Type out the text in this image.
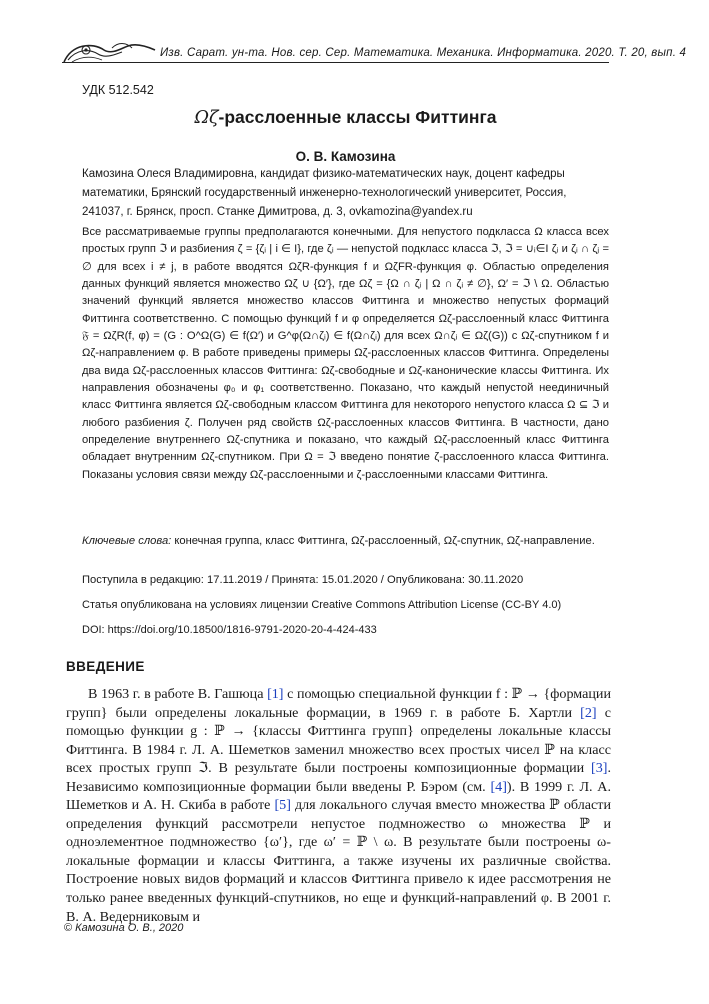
Изв. Сарат. ун-та. Нов. сер. Сер. Математика. Механика. Информатика. 2020. Т. 20, вып. 4
УДК 512.542
Ωζ-расслоенные классы Фиттинга
О. В. Камозина
Камозина Олеся Владимировна, кандидат физико-математических наук, доцент кафедры математики, Брянский государственный инженерно-технологический университет, Россия, 241037, г. Брянск, просп. Станке Димитрова, д. 3, ovkamozina@yandex.ru

Все рассматриваемые группы предполагаются конечными. Для непустого подкласса Ω класса всех простых групп ℑ и разбиения ζ = {ζᵢ | i ∈ I}, где ζᵢ — непустой подкласс класса ℑ, ℑ = ∪ᵢ∈I ζᵢ и ζᵢ ∩ ζⱼ = ∅ для всех i ≠ j, в работе вводятся ΩζR-функция f и ΩζFR-функция φ. Областью определения данных функций является множество Ωζ ∪ {Ω′}, где Ωζ = {Ω ∩ ζᵢ | Ω ∩ ζᵢ ≠ ∅}, Ω′ = ℑ \ Ω. Областью значений функций является множество классов Фиттинга и множество непустых формаций Фиттинга соответственно. С помощью функций f и φ определяется Ωζ-расслоенный класс Фиттинга 𝔉 = ΩζR(f, φ) = (G : O^Ω(G) ∈ f(Ω′) и G^φ(Ω∩ζᵢ) ∈ f(Ω∩ζᵢ) для всех Ω∩ζᵢ ∈ Ωζ(G)) с Ωζ-спутником f и Ωζ-направлением φ. В работе приведены примеры Ωζ-расслоенных классов Фиттинга. Определены два вида Ωζ-расслоенных классов Фиттинга: Ωζ-свободные и Ωζ-канонические классы Фиттинга. Их направления обозначены φ₀ и φ₁ соответственно. Показано, что каждый непустой неединичный класс Фиттинга является Ωζ-свободным классом Фиттинга для некоторого непустого класса Ω ⊆ ℑ и любого разбиения ζ. Получен ряд свойств Ωζ-расслоенных классов Фиттинга. В частности, дано определение внутреннего Ωζ-спутника и показано, что каждый Ωζ-расслоенный класс Фиттинга обладает внутренним Ωζ-спутником. При Ω = ℑ введено понятие ζ-расслоенного класса Фиттинга. Показаны условия связи между Ωζ-расслоенными и ζ-расслоенными классами Фиттинга.

Ключевые слова: конечная группа, класс Фиттинга, Ωζ-расслоенный, Ωζ-спутник, Ωζ-направление.
Поступила в редакцию: 17.11.2019 / Принята: 15.01.2020 / Опубликована: 30.11.2020
Статья опубликована на условиях лицензии Creative Commons Attribution License (CC-BY 4.0)
DOI: https://doi.org/10.18500/1816-9791-2020-20-4-424-433
ВВЕДЕНИЕ

В 1963 г. в работе В. Гашюца [1] с помощью специальной функции f : ℙ → {формации групп} были определены локальные формации, в 1969 г. в работе Б. Хартли [2] с помощью функции g : ℙ → {классы Фиттинга групп} определены локальные классы Фиттинга. В 1984 г. Л. А. Шеметков заменил множество всех простых чисел ℙ на класс всех простых групп ℑ. В результате были построены композиционные формации [3]. Независимо композиционные формации были введены Р. Бэром (см. [4]). В 1999 г. Л. А. Шеметков и А. Н. Скиба в работе [5] для локального случая вместо множества ℙ области определения функций рассмотрели непустое подмножество ω множества ℙ и одноэлементное подмножество {ω′}, где ω′ = ℙ \ ω. В результате были построены ω-локальные формации и классы Фиттинга, а также изучены их различные свойства. Построение новых видов формаций и классов Фиттинга привело к идее рассмотрения не только ранее введенных функций-спутников, но еще и функций-направлений φ. В 2001 г. В. А. Ведерниковым и

© Камозина О. В., 2020
